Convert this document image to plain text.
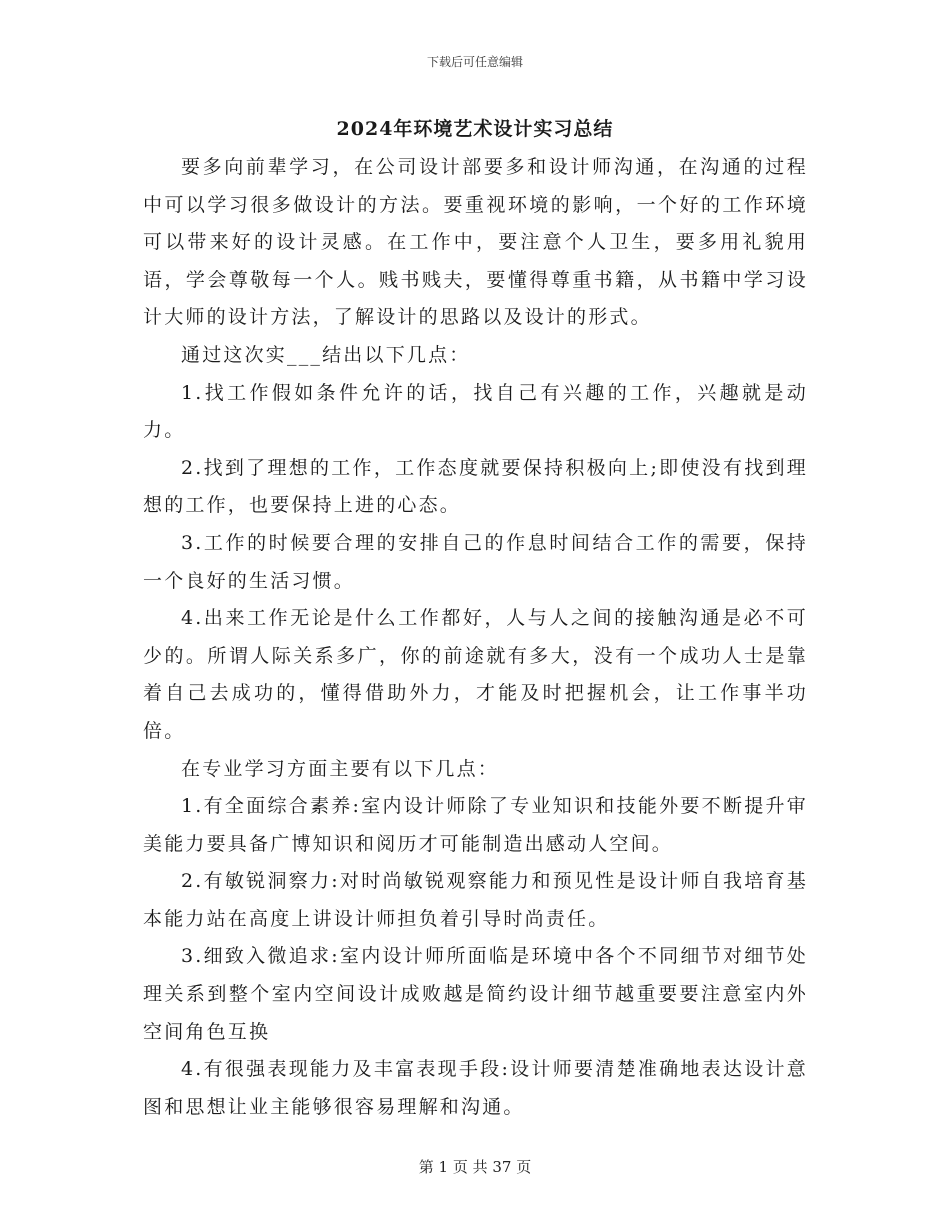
下载后可任意编辑
2024年环境艺术设计实习总结

要多向前辈学习，在公司设计部要多和设计师沟通，在沟通的过程中可以学习很多做设计的方法。要重视环境的影响，一个好的工作环境可以带来好的设计灵感。在工作中，要注意个人卫生，要多用礼貌用语，学会尊敬每一个人。贱书贱夫，要懂得尊重书籍，从书籍中学习设计大师的设计方法，了解设计的思路以及设计的形式。

通过这次实___结出以下几点：

1.找工作假如条件允许的话，找自己有兴趣的工作，兴趣就是动力。

2.找到了理想的工作，工作态度就要保持积极向上;即使没有找到理想的工作，也要保持上进的心态。

3.工作的时候要合理的安排自己的作息时间结合工作的需要，保持一个良好的生活习惯。

4.出来工作无论是什么工作都好，人与人之间的接触沟通是必不可少的。所谓人际关系多广，你的前途就有多大，没有一个成功人士是靠着自己去成功的，懂得借助外力，才能及时把握机会，让工作事半功倍。

在专业学习方面主要有以下几点：

1.有全面综合素养:室内设计师除了专业知识和技能外要不断提升审美能力要具备广博知识和阅历才可能制造出感动人空间。

2.有敏锐洞察力:对时尚敏锐观察能力和预见性是设计师自我培育基本能力站在高度上讲设计师担负着引导时尚责任。

3.细致入微追求:室内设计师所面临是环境中各个不同细节对细节处理关系到整个室内空间设计成败越是简约设计细节越重要要注意室内外空间角色互换

4.有很强表现能力及丰富表现手段:设计师要清楚准确地表达设计意图和思想让业主能够很容易理解和沟通。

第 1 页 共 37 页
